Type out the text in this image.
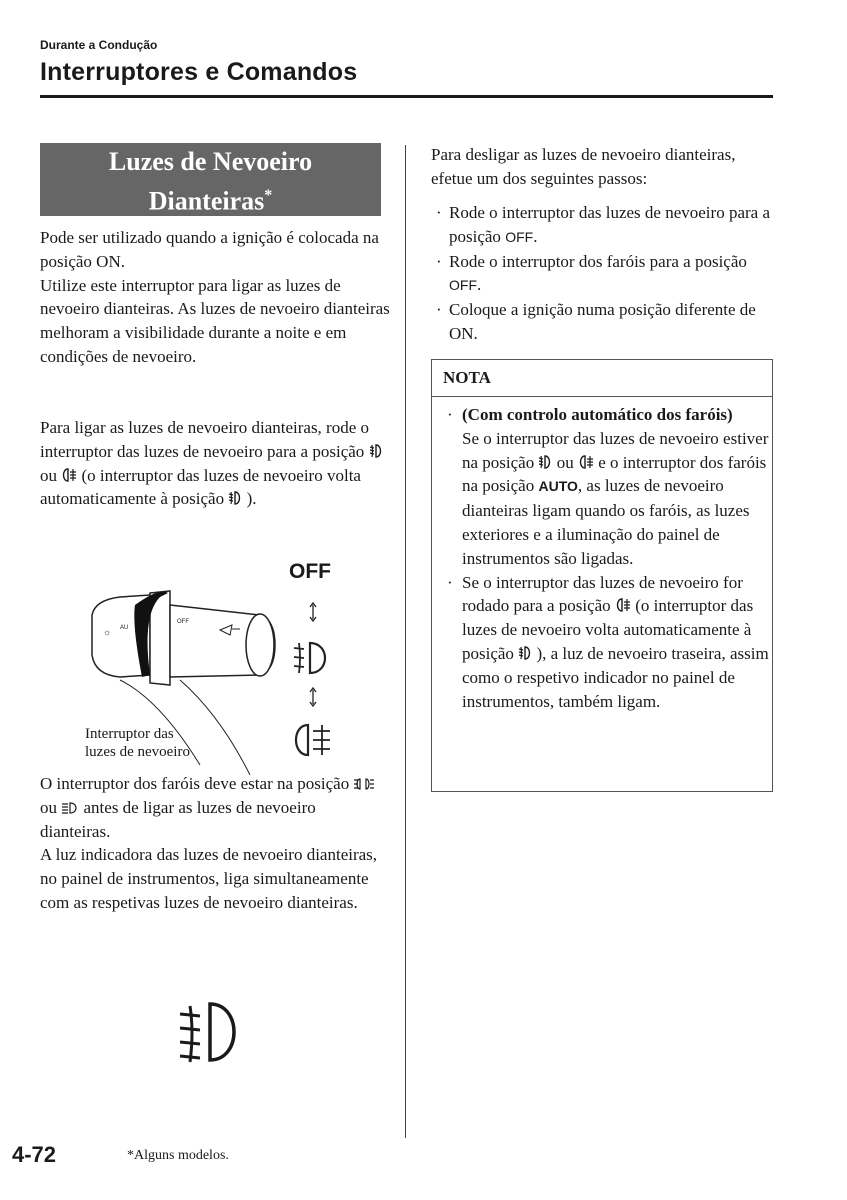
Durante a Condução
Interruptores e Comandos
Luzes de Nevoeiro
Dianteiras*
Pode ser utilizado quando a ignição é colocada na posição ON.
Utilize este interruptor para ligar as luzes de nevoeiro dianteiras. As luzes de nevoeiro dianteiras melhoram a visibilidade durante a noite e em condições de nevoeiro.
Para ligar as luzes de nevoeiro dianteiras, rode o interruptor das luzes de nevoeiro para a posição  ou (o interruptor das luzes de nevoeiro volta automaticamente à posição ).
OFF
☼ AU
OFF
Interruptor das
luzes de nevoeiro
O interruptor dos faróis deve estar na posição  ou antes de ligar as luzes de nevoeiro dianteiras.
A luz indicadora das luzes de nevoeiro dianteiras, no painel de instrumentos, liga simultaneamente com as respetivas luzes de nevoeiro dianteiras.
Para desligar as luzes de nevoeiro dianteiras, efetue um dos seguintes passos:
· Rode o interruptor das luzes de nevoeiro para a posição OFF.
· Rode o interruptor dos faróis para a posição OFF.
· Coloque a ignição numa posição diferente de ON.
NOTA
· (Com controlo automático dos faróis)
Se o interruptor das luzes de nevoeiro estiver na posição ou e o interruptor dos faróis na posição AUTO, as luzes de nevoeiro dianteiras ligam quando os faróis, as luzes exteriores e a iluminação do painel de instrumentos são ligadas.
· Se o interruptor das luzes de nevoeiro for rodado para a posição (o interruptor das luzes de nevoeiro volta automaticamente à posição ), a luz de nevoeiro traseira, assim como o respetivo indicador no painel de instrumentos, também ligam.
4-72	*Alguns modelos.
